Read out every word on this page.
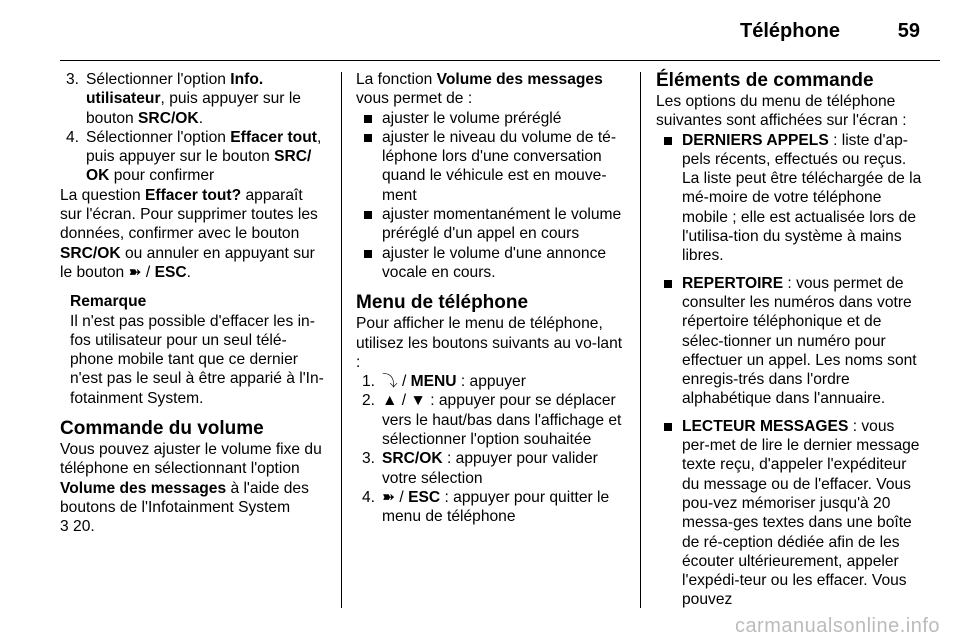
Téléphone	59

3. Sélectionner l'option Info. utilisateur, puis appuyer sur le bouton SRC/OK.

4. Sélectionner l'option Effacer tout, puis appuyer sur le bouton SRC/ OK pour confirmer

La question Effacer tout? apparaît sur l'écran. Pour supprimer toutes les données, confirmer avec le bouton SRC/OK ou annuler en appuyant sur le bouton ➽ / ESC.

Remarque

Il n'est pas possible d'effacer les in-fos utilisateur pour un seul télé-phone mobile tant que ce dernier n'est pas le seul à être apparié à l'In-fotainment System.

Commande du volume

Vous pouvez ajuster le volume fixe du téléphone en sélectionnant l'option Volume des messages à l'aide des boutons de l'Infotainment System
3 20.

La fonction Volume des messages vous permet de :

ajuster le volume préréglé

ajuster le niveau du volume de té-léphone lors d'une conversation quand le véhicule est en mouve-ment

ajuster momentanément le volume préréglé d'un appel en cours

ajuster le volume d'une annonce vocale en cours.

Menu de téléphone

Pour afficher le menu de téléphone, utilisez les boutons suivants au vo-lant :

1. ⤵ / MENU : appuyer

2. ▲ / ▼ : appuyer pour se déplacer vers le haut/bas dans l'affichage et sélectionner l'option souhaitée

3. SRC/OK : appuyer pour valider votre sélection

4. ➽ / ESC : appuyer pour quitter le menu de téléphone

Éléments de commande

Les options du menu de téléphone suivantes sont affichées sur l'écran :

DERNIERS APPELS : liste d'ap-pels récents, effectués ou reçus. La liste peut être téléchargée de la mé-moire de votre téléphone mobile ; elle est actualisée lors de l'utilisa-tion du système à mains libres.

REPERTOIRE : vous permet de consulter les numéros dans votre répertoire téléphonique et de sélec-tionner un numéro pour effectuer un appel. Les noms sont enregis-trés dans l'ordre alphabétique dans l'annuaire.

LECTEUR MESSAGES : vous per-met de lire le dernier message texte reçu, d'appeler l'expéditeur du message ou de l'effacer. Vous pou-vez mémoriser jusqu'à 20 messa-ges textes dans une boîte de ré-ception dédiée afin de les écouter ultérieurement, appeler l'expédi-teur ou les effacer. Vous pouvez

carmanualsonline.info
